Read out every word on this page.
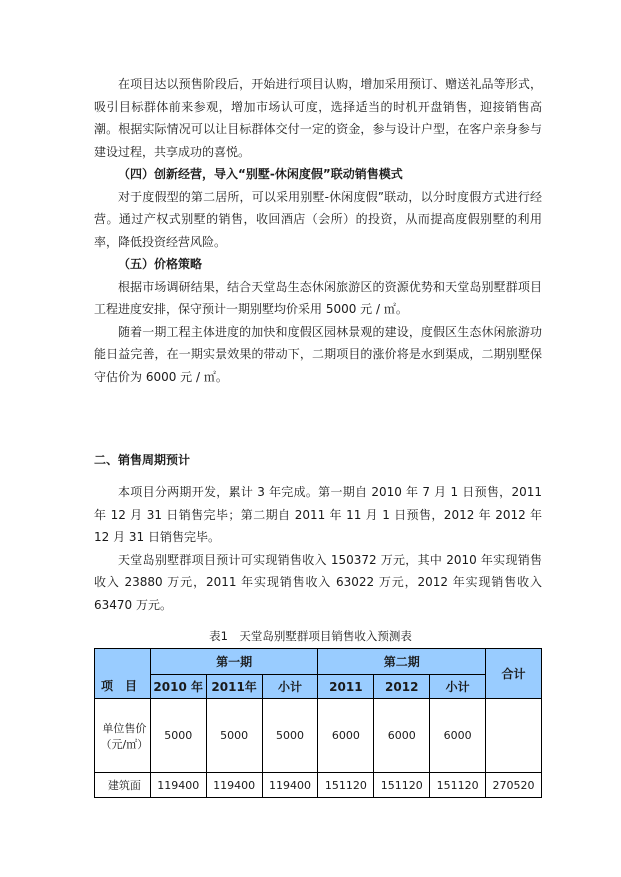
在项目达以预售阶段后，开始进行项目认购，增加采用预订、赠送礼品等形式，吸引目标群体前来参观，增加市场认可度，选择适当的时机开盘销售，迎接销售高潮。根据实际情况可以让目标群体交付一定的资金，参与设计户型，在客户亲身参与建设过程，共享成功的喜悦。

（四）创新经营，导入“别墅-休闲度假”联动销售模式

对于度假型的第二居所，可以采用别墅-休闲度假”联动，以分时度假方式进行经营。通过产权式别墅的销售，收回酒店（会所）的投资，从而提高度假别墅的利用率，降低投资经营风险。

（五）价格策略

根据市场调研结果，结合天堂岛生态休闲旅游区的资源优势和天堂岛别墅群项目工程进度安排，保守预计一期别墅均价采用 5000 元 / ㎡。

随着一期工程主体进度的加快和度假区园林景观的建设，度假区生态休闲旅游功能日益完善，在一期实景效果的带动下，二期项目的涨价将是水到渠成，二期别墅保守估价为 6000 元 / ㎡。

二、销售周期预计

本项目分两期开发，累计 3 年完成。第一期自 2010 年 7 月 1 日预售，2011 年 12 月 31 日销售完毕；第二期自 2011 年 11 月 1 日预售，2012 年 2012 年 12 月 31 日销售完毕。

天堂岛别墅群项目预计可实现销售收入 150372 万元，其中 2010 年实现销售收入 23880 万元，2011 年实现销售收入 63022 万元，2012 年实现销售收入 63470 万元。

表1　天堂岛别墅群项目销售收入预测表
项　目	第一期			第二期			合计
	2010 年	2011年	小计	2011	2012	小计	
单位售价（元/㎡）	5000	5000	5000	6000	6000	6000	
建筑面	119400	119400	119400	151120	151120	151120	270520
